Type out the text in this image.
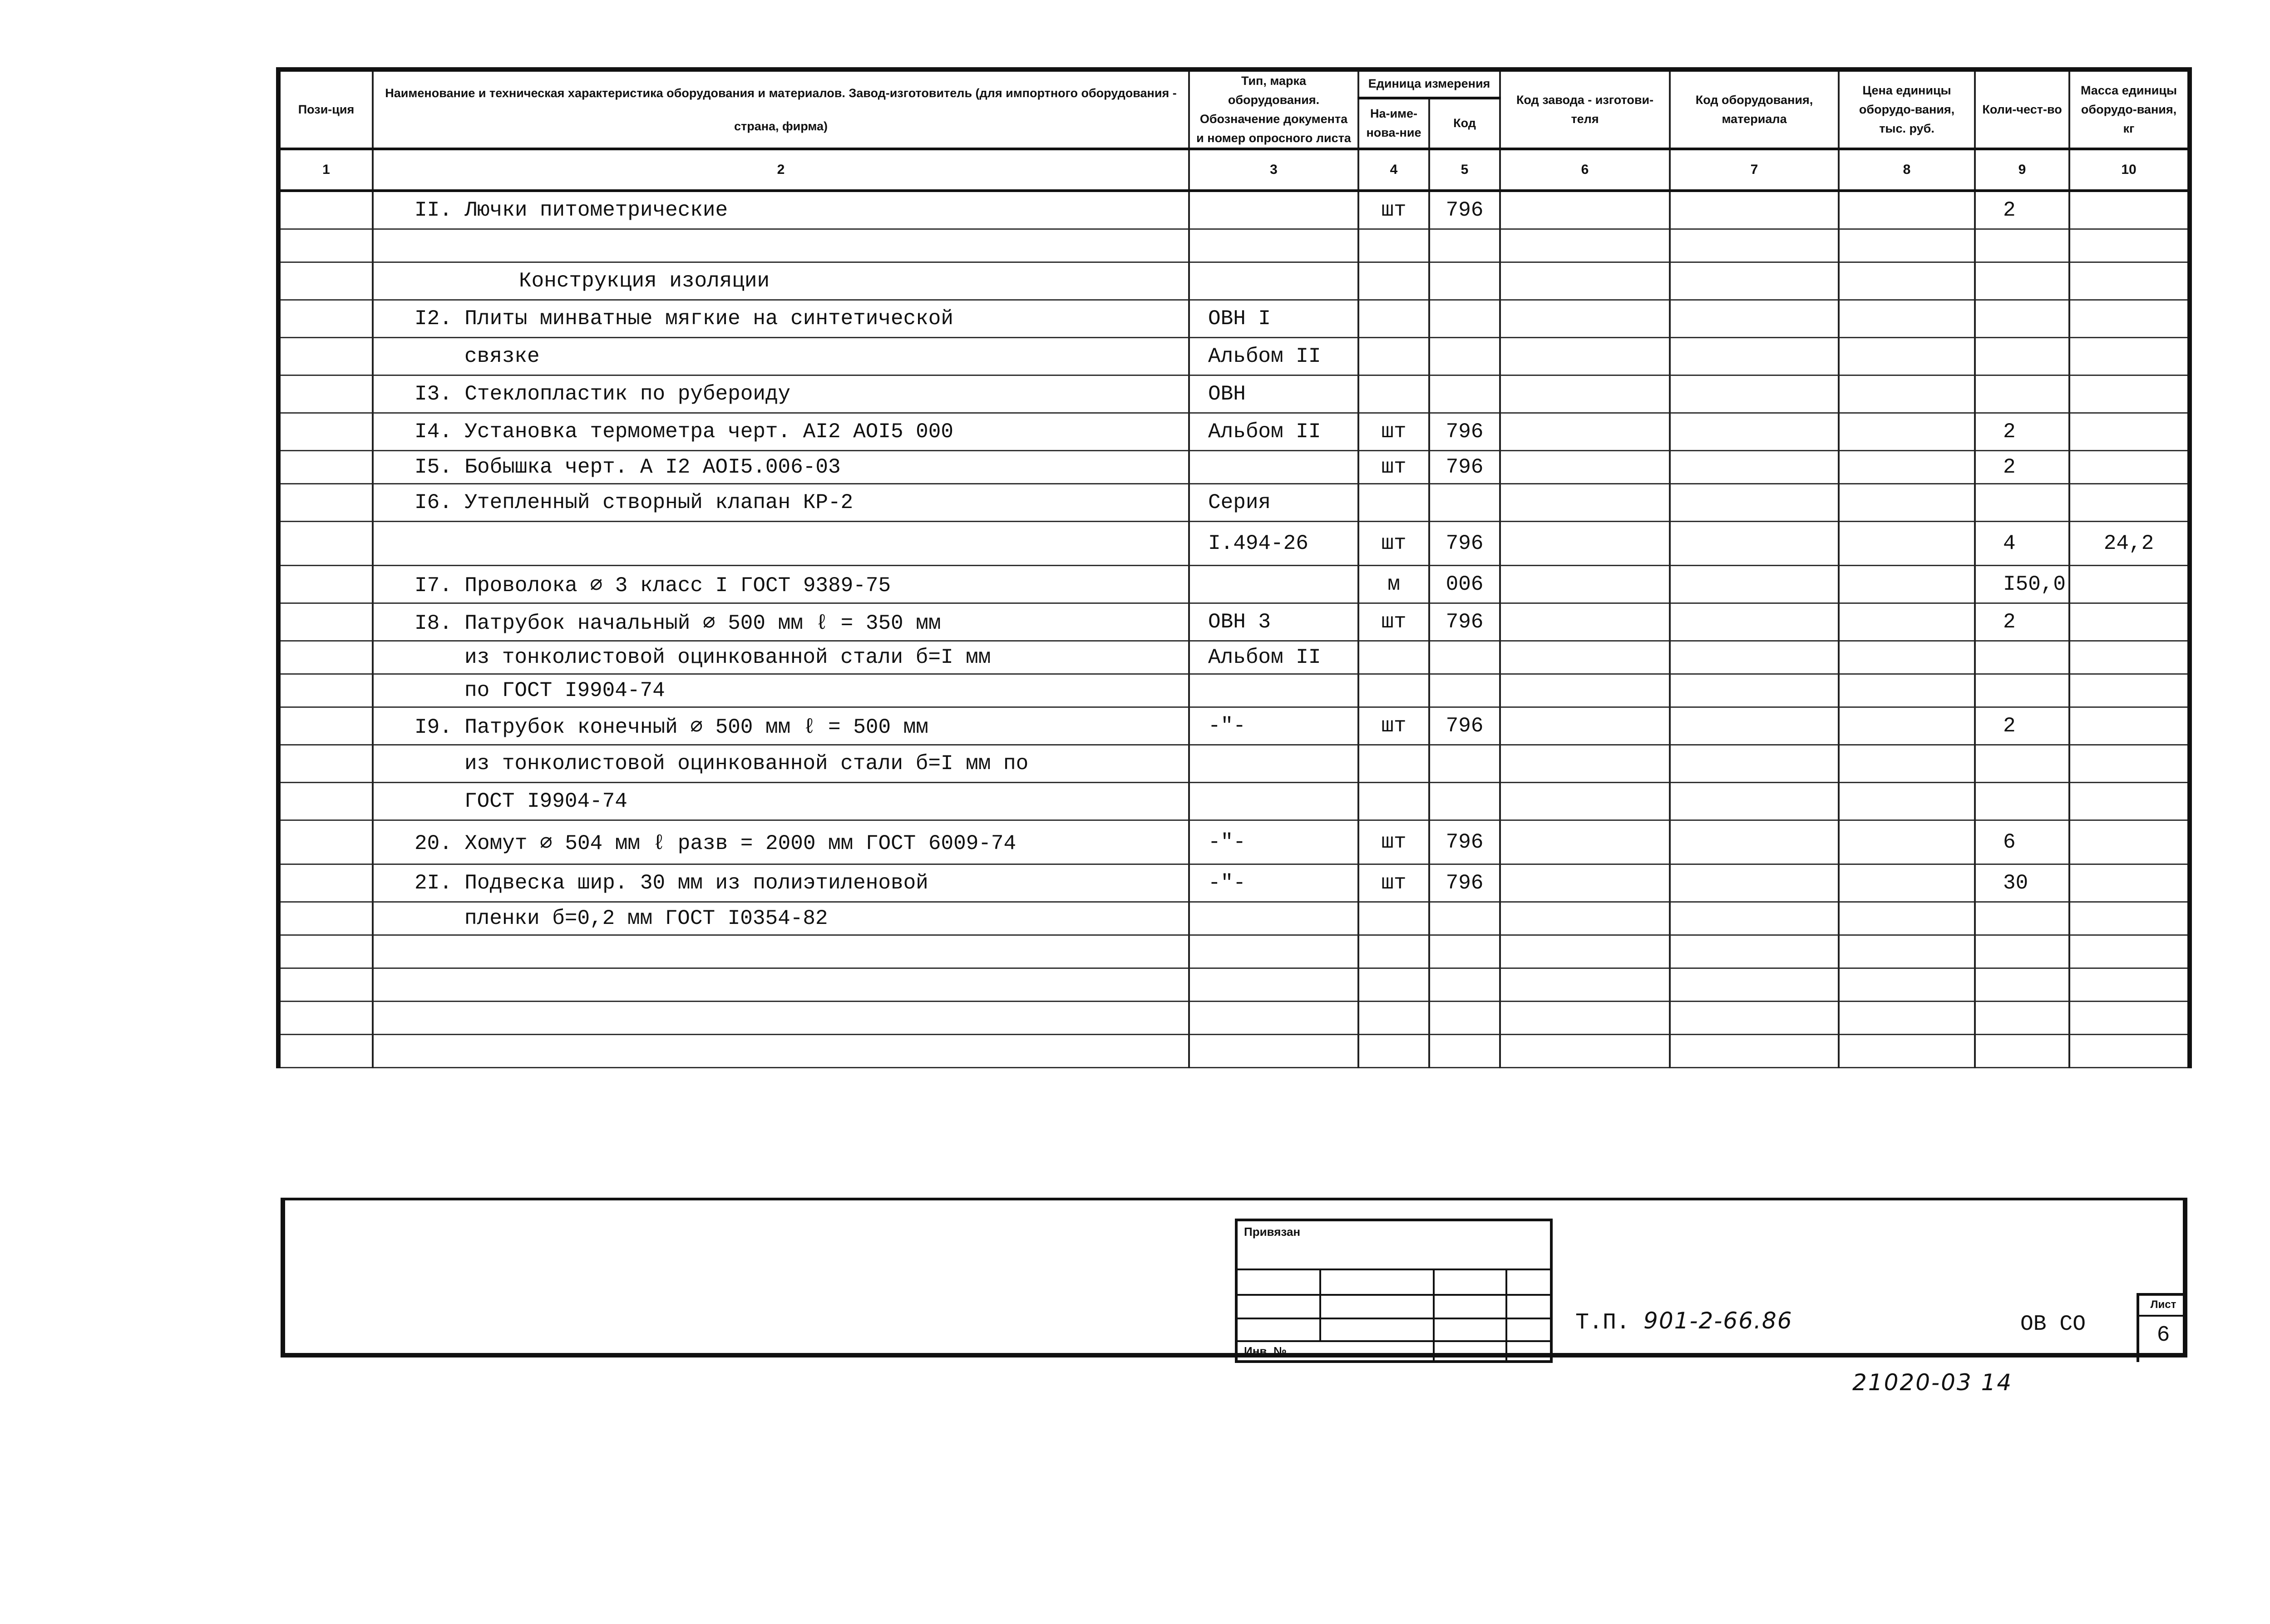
Пози-ция	Наименование и техническая характеристика оборудования и материалов. Завод-изготовитель (для импортного оборудования - страна, фирма)	Тип, марка оборудования. Обозначение документа и номер опросного листа	Единица измерения		Код завода - изготови-теля	Код оборудования, материала	Цена единицы оборудо-вания, тыс. руб.	Коли-чест-во	Масса единицы оборудо-вания, кг
			На-име-нова-ние	Код					
1	2	3	4	5	6	7	8	9	10
	II. Лючки питометрические		шт	796				2	

	Конструкция изоляции								
	I2. Плиты минватные мягкие на синтетической	ОВН I							
	связке	Альбом II							
	I3. Стеклопластик по рубероиду	ОВН							
	I4. Установка термометра черт. АI2 АОI5 000	Альбом II	шт	796				2	
	I5. Бобышка черт. А I2 АОI5.006-03		шт	796				2	
	I6. Утепленный створный клапан КР-2	Серия							
		I.494-26	шт	796				4	24,2
	I7. Проволока ∅ 3 класс I ГОСТ 9389-75		м	006				I50,0	
	I8. Патрубок начальный ∅ 500 мм ℓ = 350 мм	ОВН 3	шт	796				2	
	из тонколистовой оцинкованной стали б=I мм	Альбом II							
	по ГОСТ I9904-74								
	I9. Патрубок конечный ∅ 500 мм ℓ = 500 мм	-"-	шт	796				2	
	из тонколистовой оцинкованной стали б=I мм по								
	ГОСТ I9904-74								
	20. Хомут ∅ 504 мм ℓ разв = 2000 мм ГОСТ 6009-74	-"-	шт	796				6	
	2I. Подвеска шир. 30 мм из полиэтиленовой	-"-	шт	796				30	
	пленки б=0,2 мм ГОСТ I0354-82								

Привязан
Инв. №
Т.П. 901-2-66.86	ОВ СО
Лист
6
21020-03 14
